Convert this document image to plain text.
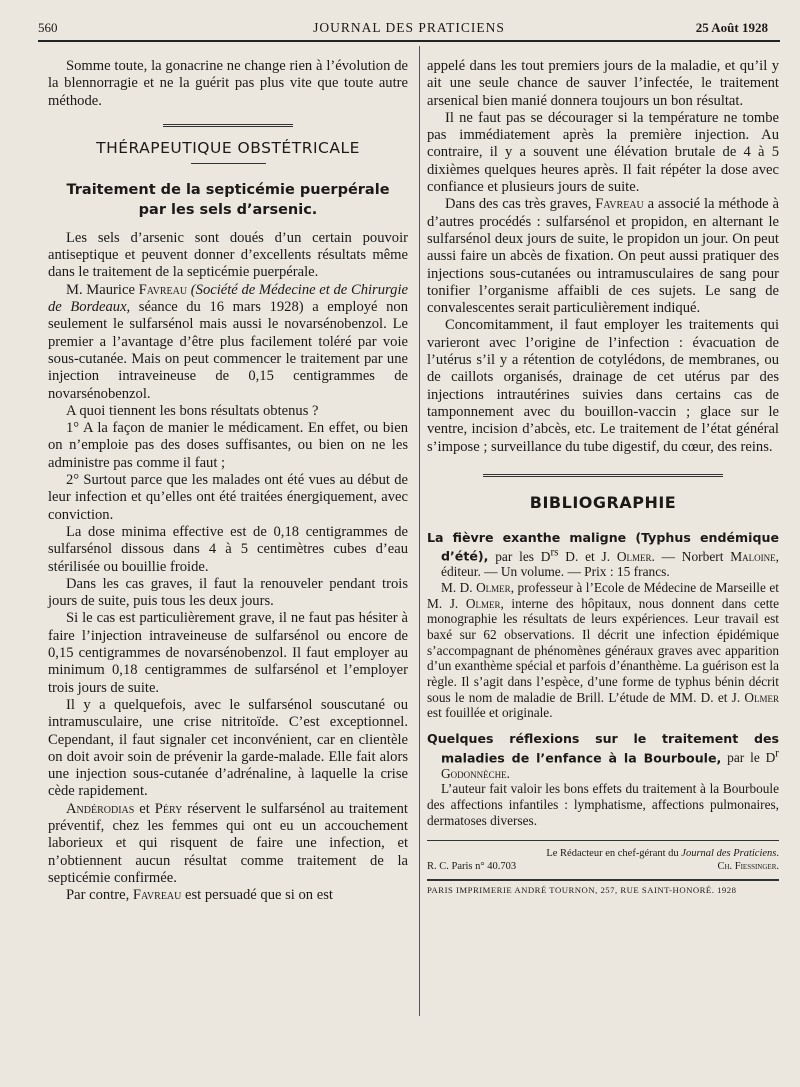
560	JOURNAL DES PRATICIENS	25 Août 1928

Somme toute, la gonacrine ne change rien à l’évolution de la blennorragie et ne la guérit pas plus vite que toute autre méthode.

THÉRAPEUTIQUE OBSTÉTRICALE
Traitement de la septicémie puerpérale
par les sels d’arsenic.

Les sels d’arsenic sont doués d’un certain pouvoir antiseptique et peuvent donner d’excellents résultats même dans le traitement de la septicémie puerpérale.

M. Maurice Favreau (Société de Médecine et de Chirurgie de Bordeaux, séance du 16 mars 1928) a employé non seulement le sulfarsénol mais aussi le novarsénobenzol. Le premier a l’avantage d’être plus facilement toléré par voie sous-cutanée. Mais on peut commencer le traitement par une injection intraveineuse de 0,15 centigrammes de novarsénobenzol.

A quoi tiennent les bons résultats obtenus ?

1° A la façon de manier le médicament. En effet, ou bien on n’emploie pas des doses suffisantes, ou bien on ne les administre pas comme il faut ;

2° Surtout parce que les malades ont été vues au début de leur infection et qu’elles ont été traitées énergiquement, avec conviction.

La dose minima effective est de 0,18 centigrammes de sulfarsénol dissous dans 4 à 5 centimètres cubes d’eau stérilisée ou bouillie froide.

Dans les cas graves, il faut la renouveler pendant trois jours de suite, puis tous les deux jours.

Si le cas est particulièrement grave, il ne faut pas hésiter à faire l’injection intraveineuse de sulfarsénol ou encore de 0,15 centigrammes de novarsénobenzol. Il faut employer au minimum 0,18 centigrammes de sulfarsénol et l’employer trois jours de suite.

Il y a quelquefois, avec le sulfarsénol souscutané ou intramusculaire, une crise nitritoïde. C’est exceptionnel. Cependant, il faut signaler cet inconvénient, car en clientèle on doit avoir soin de prévenir la garde-malade. Elle fait alors une injection sous-cutanée d’adrénaline, à laquelle la crise cède rapidement.

Andérodias et Péry réservent le sulfarsénol au traitement préventif, chez les femmes qui ont eu un accouchement laborieux et qui risquent de faire une infection, et n’obtiennent aucun résultat comme traitement de la septicémie confirmée.

Par contre, Favreau est persuadé que si on est

appelé dans les tout premiers jours de la maladie, et qu’il y ait une seule chance de sauver l’infectée, le traitement arsenical bien manié donnera toujours un bon résultat.

Il ne faut pas se décourager si la température ne tombe pas immédiatement après la première injection. Au contraire, il y a souvent une élévation brutale de 4 à 5 dixièmes quelques heures après. Il fait répéter la dose avec confiance et plusieurs jours de suite.

Dans des cas très graves, Favreau a associé la méthode à d’autres procédés : sulfarsénol et propidon, en alternant le sulfarsénol deux jours de suite, le propidon un jour. On peut aussi faire un abcès de fixation. On peut aussi pratiquer des injections sous-cutanées ou intramusculaires de sang pour tonifier l’organisme affaibli de ces sujets. Le sang de convalescentes serait particulièrement indiqué.

Concomitamment, il faut employer les traitements qui varieront avec l’origine de l’infection : évacuation de l’utérus s’il y a rétention de cotylédons, de membranes, ou de caillots organisés, drainage de cet utérus par des injections intrautérines suivies dans certains cas de tamponnement avec du bouillon-vaccin ; glace sur le ventre, incision d’abcès, etc. Le traitement de l’état général s’impose ; surveillance du tube digestif, du cœur, des reins.

BIBLIOGRAPHIE

La fièvre exanthe maligne (Typhus endémique d’été), par les $D^{rs}$ D. et J. Olmer. — Norbert Maloine, éditeur. — Un volume. — Prix : 15 francs.

M. D. Olmer, professeur à l’Ecole de Médecine de Marseille et M. J. Olmer, interne des hôpitaux, nous donnent dans cette monographie les résultats de leurs expériences. Leur travail est baxé sur 62 observations. Il décrit une infection épidémique s’accompagnant de phénomènes généraux graves avec apparition d’un exanthème spécial et parfois d’énanthème. La guérison est la règle. Il s’agit dans l’espèce, d’une forme de typhus bénin décrit sous le nom de maladie de Brill. L’étude de MM. D. et J. Olmer est fouillée et originale.

Quelques réflexions sur le traitement des maladies de l’enfance à la Bourboule, par le $D^r$ Godonnèche.

L’auteur fait valoir les bons effets du traitement à la Bourboule des affections infantiles : lymphatisme, affections pulmonaires, dermatoses diverses.

Le Rédacteur en chef-gérant du Journal des Praticiens.
R. C. Paris n° 40.703	Ch. Fiessinger.
PARIS IMPRIMERIE ANDRÉ TOURNON, 257, RUE SAINT-HONORÉ. 1928
